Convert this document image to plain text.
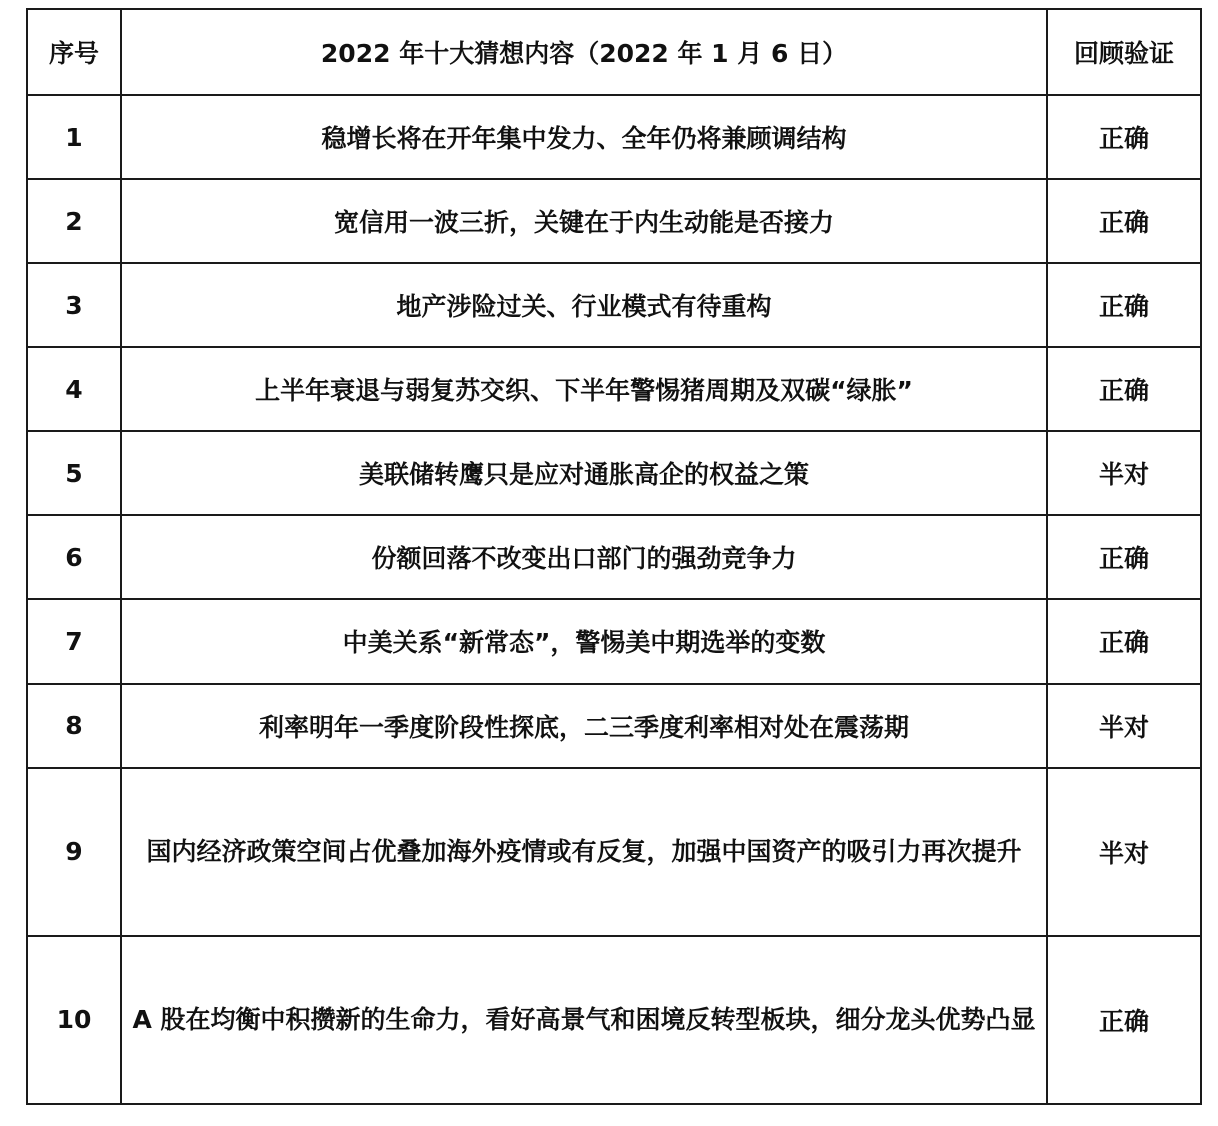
序号	2022 年十大猜想内容（2022 年 1 月 6 日）	回顾验证
1	稳增长将在开年集中发力、全年仍将兼顾调结构	正确
2	宽信用一波三折，关键在于内生动能是否接力	正确
3	地产涉险过关、行业模式有待重构	正确
4	上半年衰退与弱复苏交织、下半年警惕猪周期及双碳“绿胀”	正确
5	美联储转鹰只是应对通胀高企的权益之策	半对
6	份额回落不改变出口部门的强劲竞争力	正确
7	中美关系“新常态”，警惕美中期选举的变数	正确
8	利率明年一季度阶段性探底，二三季度利率相对处在震荡期	半对
9	国内经济政策空间占优叠加海外疫情或有反复，加强中国资产的吸引力再次提升	半对
10	A 股在均衡中积攒新的生命力，看好高景气和困境反转型板块，细分龙头优势凸显	正确
